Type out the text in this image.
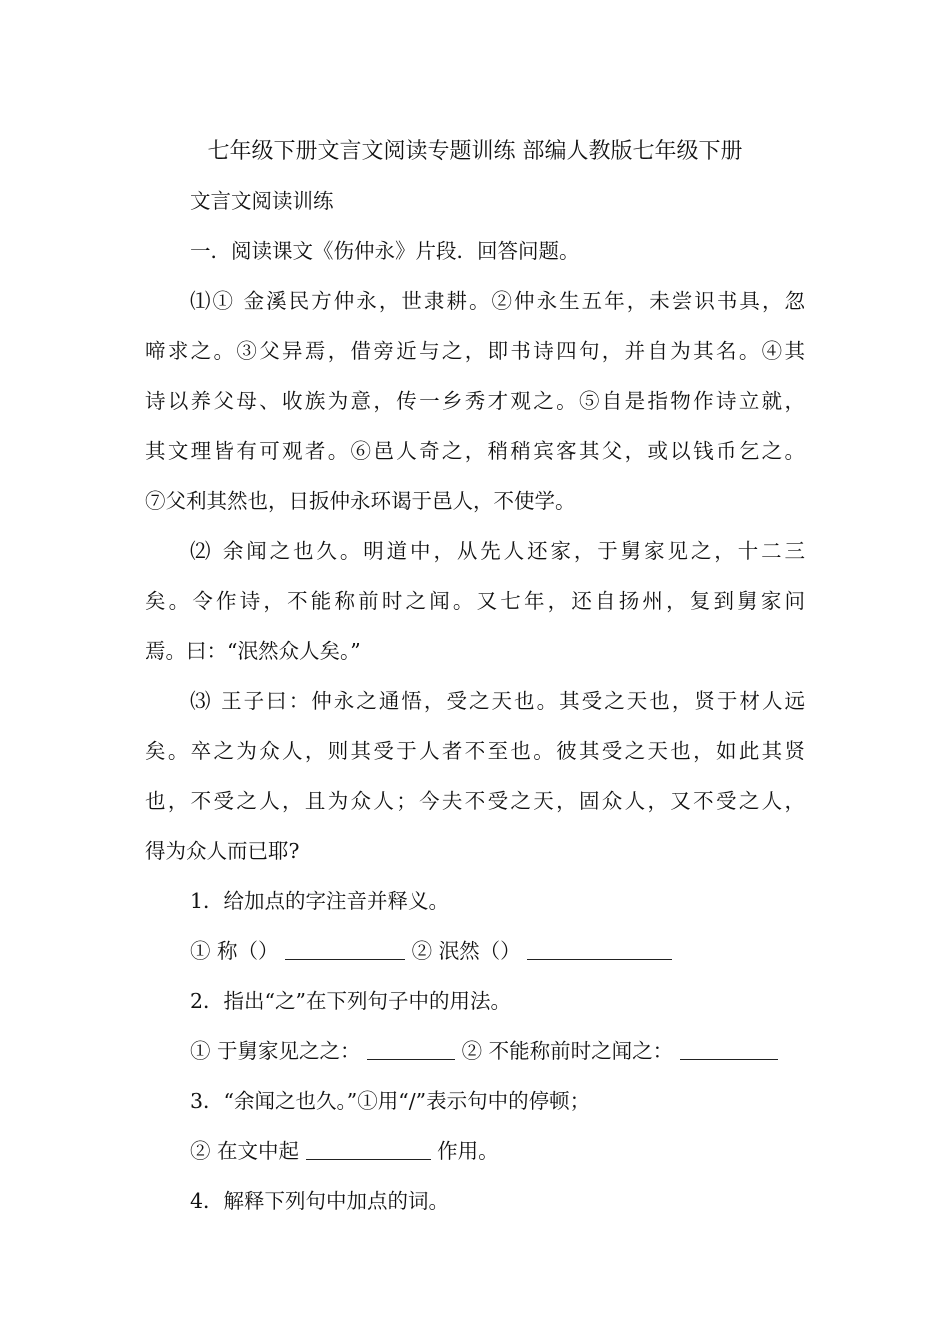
七年级下册文言文阅读专题训练 部编人教版七年级下册
文言文阅读训练
一．阅读课文《伤仲永》片段．回答问题。
⑴① 金溪民方仲永，世隶耕。②仲永生五年，未尝识书具，忽
啼求之。③父异焉，借旁近与之，即书诗四句，并自为其名。④其
诗以养父母、收族为意，传一乡秀才观之。⑤自是指物作诗立就，
其文理皆有可观者。⑥邑人奇之，稍稍宾客其父，或以钱币乞之。
⑦父利其然也，日扳仲永环谒于邑人，不使学。
⑵ 余闻之也久。明道中，从先人还家，于舅家见之，十二三
矣。令作诗，不能称前时之闻。又七年，还自扬州，复到舅家问
焉。曰：“泯然众人矣。”
⑶ 王子曰：仲永之通悟，受之天也。其受之天也，贤于材人远
矣。卒之为众人，则其受于人者不至也。彼其受之天也，如此其贤
也，不受之人，且为众人；今夫不受之天，固众人，又不受之人，
得为众人而已耶?
1．给加点的字注音并释义。
① 称（）	② 泯然（）
2．指出“之”在下列句子中的用法。
① 于舅家见之之：	② 不能称前时之闻之：
3．“余闻之也久。”①用“/”表示句中的停顿；
② 在文中起	作用。
4．解释下列句中加点的词。
